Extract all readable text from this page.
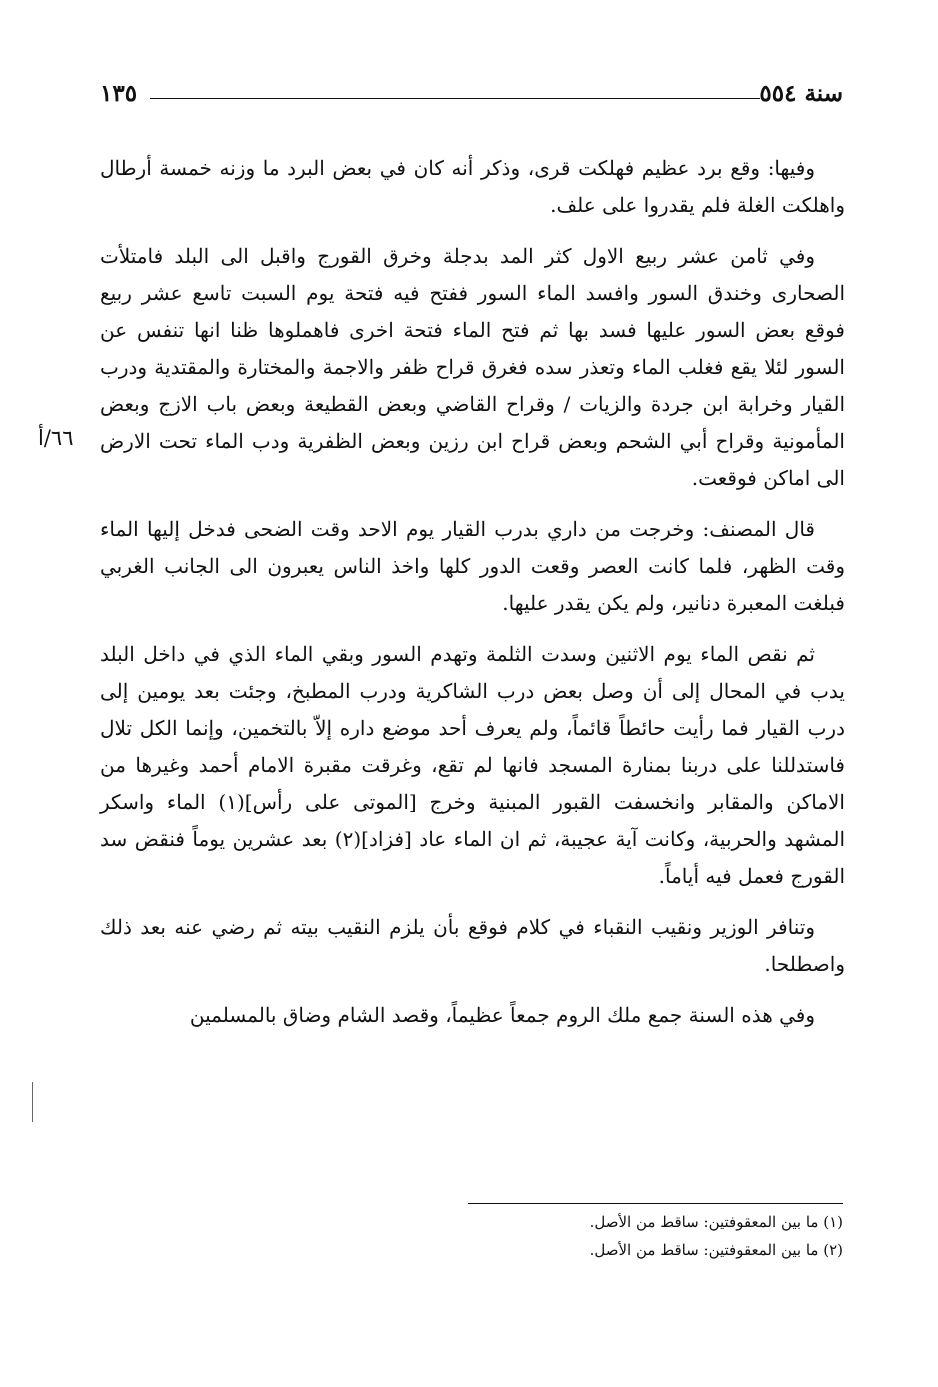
سنة ٥٥٤
١٣٥
٦٦/أ

وفيها: وقع برد عظيم فهلكت قرى، وذكر أنه كان في بعض البرد ما وزنه خمسة أرطال واهلكت الغلة فلم يقدروا على علف.

وفي ثامن عشر ربيع الاول كثر المد بدجلة وخرق القورج واقبل الى البلد فامتلأت الصحارى وخندق السور وافسد الماء السور ففتح فيه فتحة يوم السبت تاسع عشر ربيع فوقع بعض السور عليها فسد بها ثم فتح الماء فتحة اخرى فاهملوها ظنا انها تنفس عن السور لئلا يقع فغلب الماء وتعذر سده فغرق قراح ظفر والاجمة والمختارة والمقتدية ودرب القيار وخرابة ابن جردة والزيات / وقراح القاضي وبعض القطيعة وبعض باب الازج وبعض المأمونية وقراح أبي الشحم وبعض قراح ابن رزين وبعض الظفرية ودب الماء تحت الارض الى اماكن فوقعت.

قال المصنف: وخرجت من داري بدرب القيار يوم الاحد وقت الضحى فدخل إليها الماء وقت الظهر، فلما كانت العصر وقعت الدور كلها واخذ الناس يعبرون الى الجانب الغربي فبلغت المعبرة دنانير، ولم يكن يقدر عليها.

ثم نقص الماء يوم الاثنين وسدت الثلمة وتهدم السور وبقي الماء الذي في داخل البلد يدب في المحال إلى أن وصل بعض درب الشاكرية ودرب المطبخ، وجئت بعد يومين إلى درب القيار فما رأيت حائطاً قائماً، ولم يعرف أحد موضع داره إلاّ بالتخمين، وإنما الكل تلال فاستدللنا على دربنا بمنارة المسجد فانها لم تقع، وغرقت مقبرة الامام أحمد وغيرها من الاماكن والمقابر وانخسفت القبور المبنية وخرج [الموتى على رأس](١) الماء واسكر المشهد والحربية، وكانت آية عجيبة، ثم ان الماء عاد [فزاد](٢) بعد عشرين يوماً فنقض سد القورج فعمل فيه أياماً.

وتنافر الوزير ونقيب النقباء في كلام فوقع بأن يلزم النقيب بيته ثم رضي عنه بعد ذلك واصطلحا.

وفي هذه السنة جمع ملك الروم جمعاً عظيماً، وقصد الشام وضاق بالمسلمين

(١) ما بين المعقوفتين: ساقط من الأصل.

(٢) ما بين المعقوفتين: ساقط من الأصل.
